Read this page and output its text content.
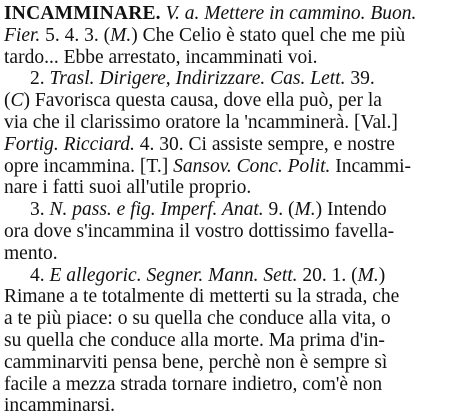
INCAMMINARE. V. a. Mettere in cammino. Buon.
Fier. 5. 4. 3. (M.) Che Celio è stato quel che me più
tardo... Ebbe arrestato, incamminati voi.
2. Trasl. Dirigere, Indirizzare. Cas. Lett. 39.
(C) Favorisca questa causa, dove ella può, per la
via che il clarissimo oratore la 'ncamminerà. [Val.]
Fortig. Ricciard. 4. 30. Ci assiste sempre, e nostre
opre incammina. [T.] Sansov. Conc. Polit. Incammi-
nare i fatti suoi all'utile proprio.
3. N. pass. e fig. Imperf. Anat. 9. (M.) Intendo
ora dove s'incammina il vostro dottissimo favella-
mento.
4. E allegoric. Segner. Mann. Sett. 20. 1. (M.)
Rimane a te totalmente di metterti su la strada, che
a te più piace: o su quella che conduce alla vita, o
su quella che conduce alla morte. Ma prima d'in-
camminarviti pensa bene, perchè non è sempre sì
facile a mezza strada tornare indietro, com'è non
incamminarsi.
